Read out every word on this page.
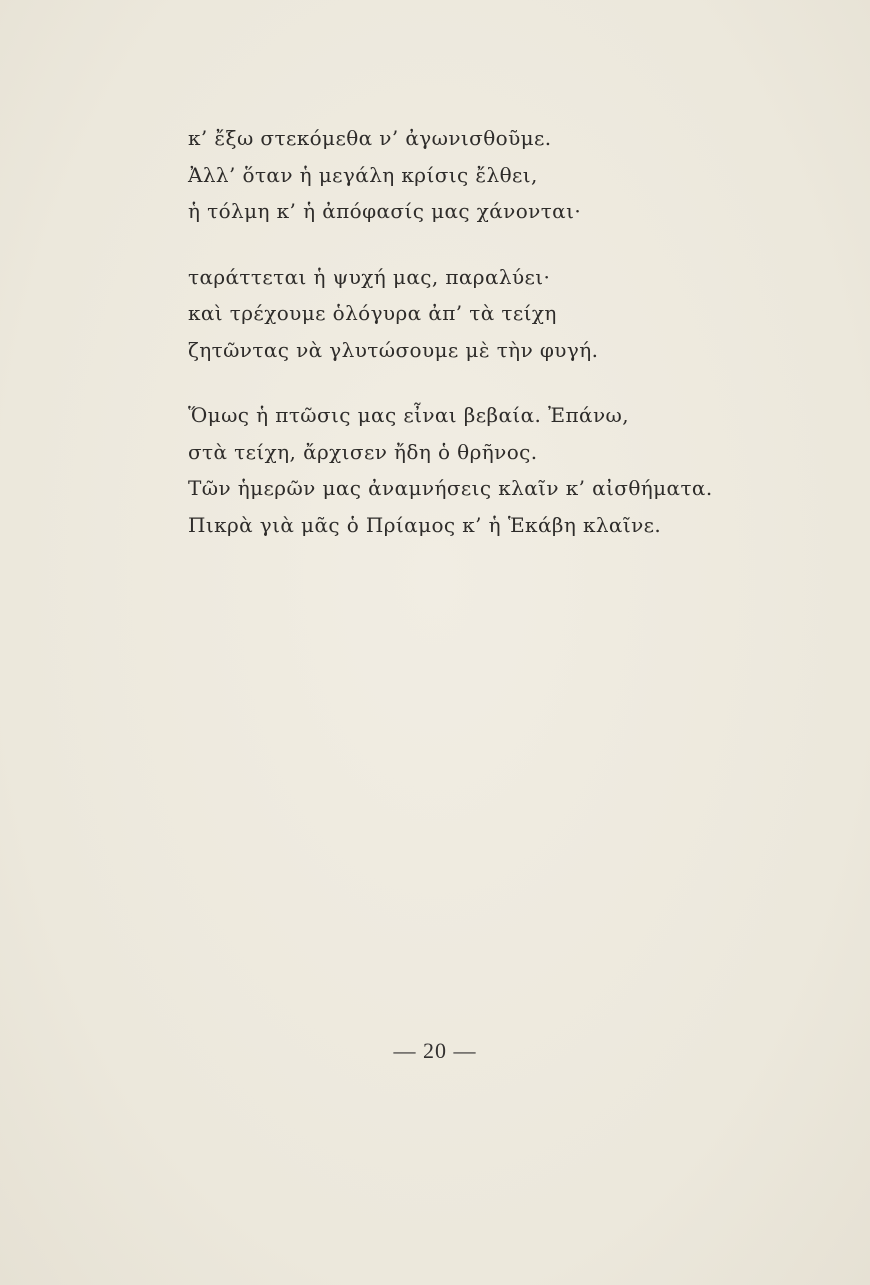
κ’ ἔξω στεκόμεθα ν’ ἀγωνισθοῦμε.
Ἀλλ’ ὅταν ἡ μεγάλη κρίσις ἔλθει,
ἡ τόλμη κ’ ἡ ἀπόφασίς μας χάνονται·
ταράττεται ἡ ψυχή μας, παραλύει·
καὶ τρέχουμε ὁλόγυρα ἀπ’ τὰ τείχη
ζητῶντας νὰ γλυτώσουμε μὲ τὴν φυγή.
Ὅμως ἡ πτῶσις μας εἶναι βεβαία. Ἐπάνω,
στὰ τείχη, ἄρχισεν ἤδη ὁ θρῆνος.
Τῶν ἡμερῶν μας ἀναμνήσεις κλαῖν κ’ αἰσθήματα.
Πικρὰ γιὰ μᾶς ὁ Πρίαμος κ’ ἡ Ἑκάβη κλαῖνε.
— 20 —
